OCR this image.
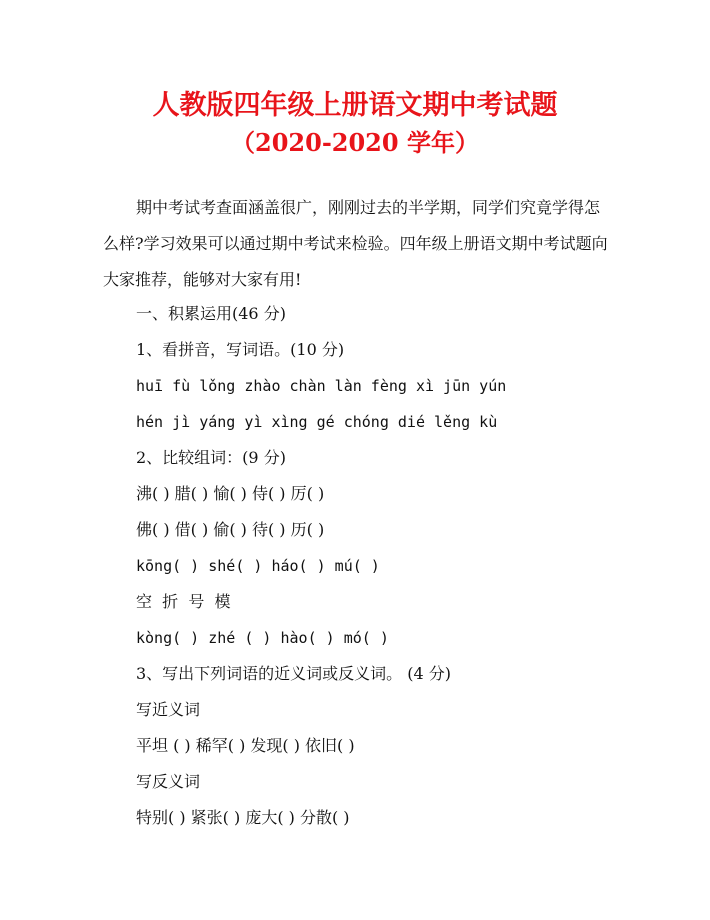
人教版四年级上册语文期中考试题
（2020-2020 学年）
期中考试考查面涵盖很广，刚刚过去的半学期，同学们究竟学得怎么样?学习效果可以通过期中考试来检验。四年级上册语文期中考试题向大家推荐，能够对大家有用!
一、积累运用(46 分)
1、看拼音，写词语。(10 分)
huī fù lǒng zhào chàn làn fèng xì jūn yún
hén jì yáng yì xìng gé chóng dié lěng kù
2、比较组词：(9 分)
沸( ) 腊( ) 愉( ) 侍( ) 厉( )
佛( ) 借( ) 偷( ) 待( ) 历( )
kōng( ) shé( ) háo( ) mú( )
空  折  号  模
kòng( ) zhé ( ) hào( ) mó( )
3、写出下列词语的近义词或反义词。 (4 分)
写近义词
平坦 ( ) 稀罕( ) 发现( ) 依旧( )
写反义词
特别( ) 紧张( ) 庞大( ) 分散( )
